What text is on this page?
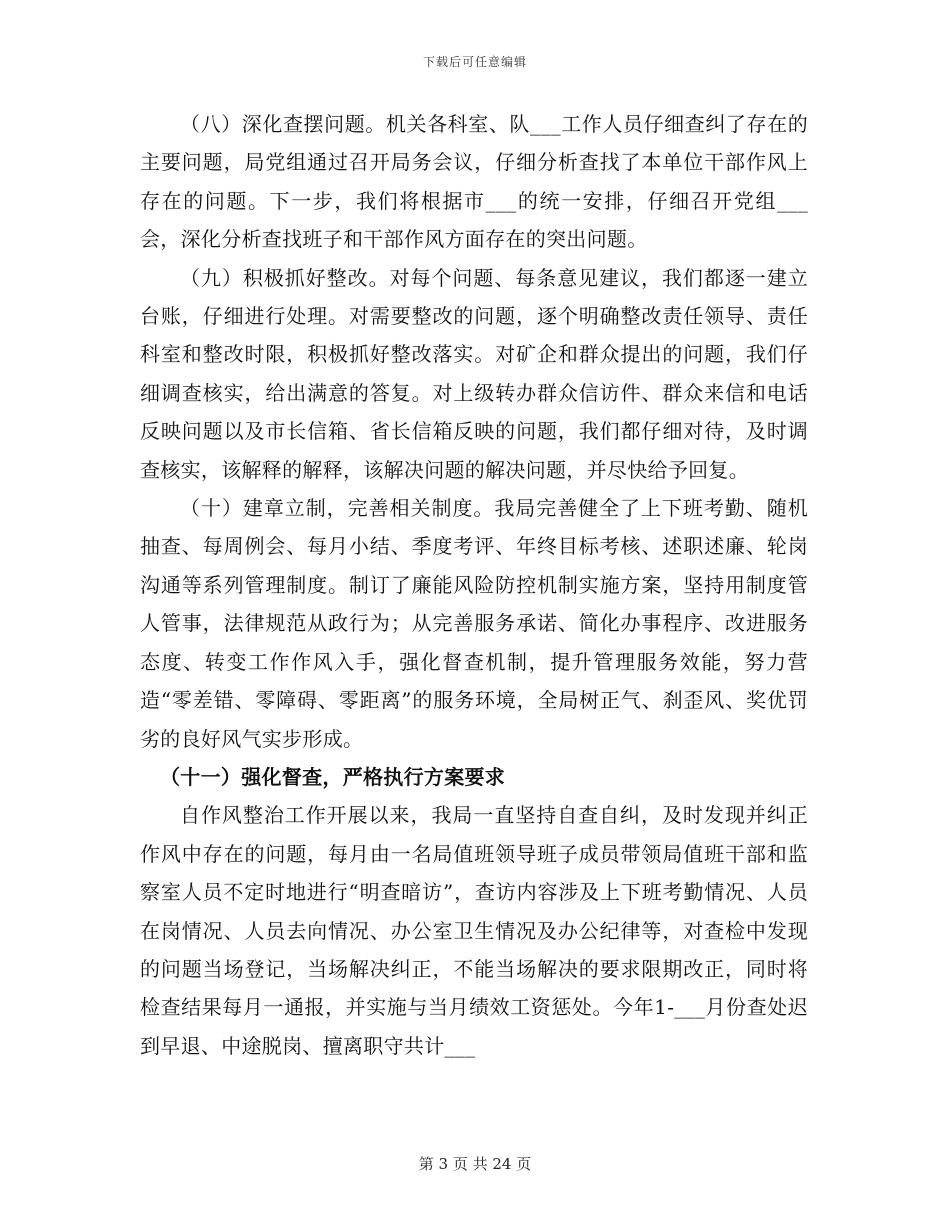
下载后可任意编辑

（八）深化查摆问题。机关各科室、队___工作人员仔细查纠了存在的主要问题，局党组通过召开局务会议，仔细分析查找了本单位干部作风上存在的问题。下一步，我们将根据市___的统一安排，仔细召开党组___会，深化分析查找班子和干部作风方面存在的突出问题。

（九）积极抓好整改。对每个问题、每条意见建议，我们都逐一建立台账，仔细进行处理。对需要整改的问题，逐个明确整改责任领导、责任科室和整改时限，积极抓好整改落实。对矿企和群众提出的问题，我们仔细调查核实，给出满意的答复。对上级转办群众信访件、群众来信和电话反映问题以及市长信箱、省长信箱反映的问题，我们都仔细对待，及时调查核实，该解释的解释，该解决问题的解决问题，并尽快给予回复。

（十）建章立制，完善相关制度。我局完善健全了上下班考勤、随机抽查、每周例会、每月小结、季度考评、年终目标考核、述职述廉、轮岗沟通等系列管理制度。制订了廉能风险防控机制实施方案，坚持用制度管人管事，法律规范从政行为；从完善服务承诺、简化办事程序、改进服务态度、转变工作作风入手，强化督查机制，提升管理服务效能，努力营造“零差错、零障碍、零距离”的服务环境，全局树正气、刹歪风、奖优罚劣的良好风气实步形成。

（十一）强化督查，严格执行方案要求

自作风整治工作开展以来，我局一直坚持自查自纠，及时发现并纠正作风中存在的问题，每月由一名局值班领导班子成员带领局值班干部和监察室人员不定时地进行“明查暗访”，查访内容涉及上下班考勤情况、人员在岗情况、人员去向情况、办公室卫生情况及办公纪律等，对查检中发现的问题当场登记，当场解决纠正，不能当场解决的要求限期改正，同时将检查结果每月一通报，并实施与当月绩效工资惩处。今年1-___月份查处迟到早退、中途脱岗、擅离职守共计___

第 3 页 共 24 页
